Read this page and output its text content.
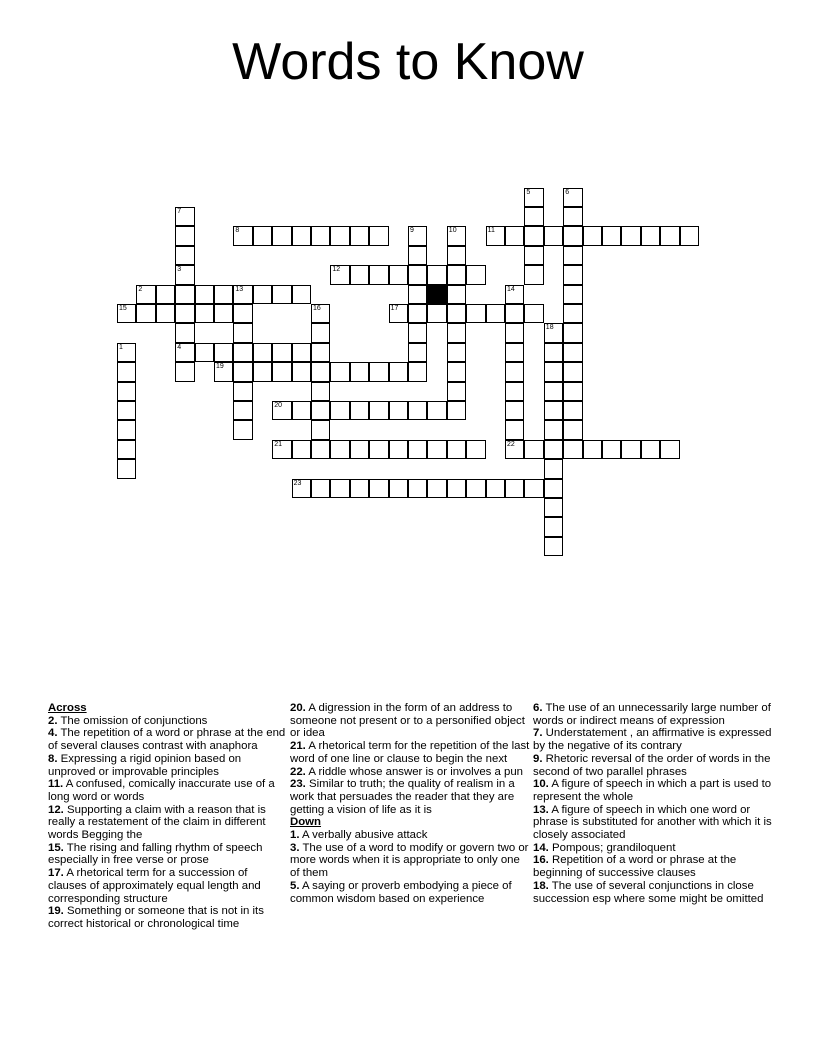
Words to Know
1
2	13
3
4
5	6
7
8	9	10	11
12
14
15	16	17
18
19
20
21	22
23
Across
2. The omission of conjunctions
4. The repetition of a word or phrase at the end of several clauses contrast with anaphora
8. Expressing a rigid opinion based on unproved or improvable principles
11. A confused, comically inaccurate use of a long word or words
12. Supporting a claim with a reason that is really a restatement of the claim in different words Begging the
15. The rising and falling rhythm of speech especially in free verse or prose
17. A rhetorical term for a succession of clauses of approximately equal length and corresponding structure
19. Something or someone that is not in its correct historical or chronological time
20. A digression in the form of an address to someone not present or to a personified object or idea
21. A rhetorical term for the repetition of the last word of one line or clause to begin the next
22. A riddle whose answer is or involves a pun
23. Similar to truth; the quality of realism in a work that persuades the reader that they are getting a vision of life as it is
Down
1. A verbally abusive attack
3. The use of a word to modify or govern two or more words when it is appropriate to only one of them
5. A saying or proverb embodying a piece of common wisdom based on experience
6. The use of an unnecessarily large number of words or indirect means of expression
7. Understatement , an affirmative is expressed by the negative of its contrary
9. Rhetoric reversal of the order of words in the second of two parallel phrases
10. A figure of speech in which a part is used to represent the whole
13. A figure of speech in which one word or phrase is substituted for another with which it is closely associated
14. Pompous; grandiloquent
16. Repetition of a word or phrase at the beginning of successive clauses
18. The use of several conjunctions in close succession esp where some might be omitted
